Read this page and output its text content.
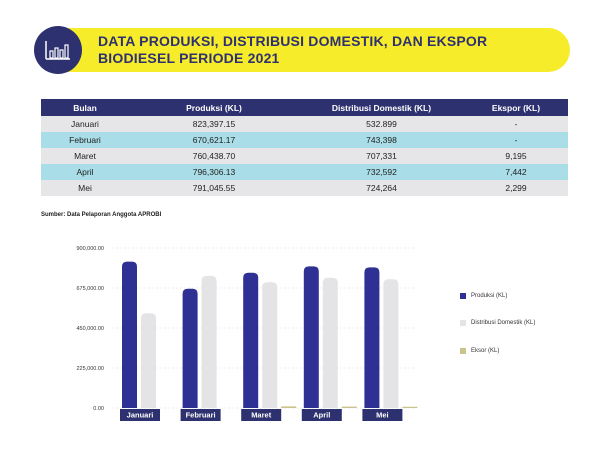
DATA PRODUKSI, DISTRIBUSI DOMESTIK, DAN EKSPOR BIODIESEL PERIODE 2021
Bulan	Produksi (KL)	Distribusi Domestik (KL)	Ekspor (KL)
Januari	823,397.15	532.899	-
Februari	670,621.17	743,398	-
Maret	760,438.70	707,331	9,195
April	796,306.13	732,592	7,442
Mei	791,045.55	724,264	2,299
Sumber: Data Pelaporan Anggota APROBI
0.00
225,000.00
450,000.00
675,000.00
900,000.00
Januari	Februari	Maret	April	Mei
Produksi (KL)
Distribusi Domestik (KL)
Eksor (KL)
